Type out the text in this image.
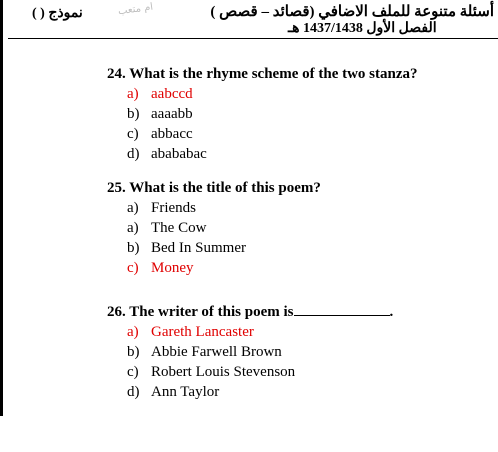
أسئلة متنوعة للملف الاضافي (قصائد – قصص )
الفصل الأول 1437/1438 هـ
نموذج ( )	ام متعب
24. What is the rhyme scheme of the two stanza?
a) aabccd
b) aaaabb
c) abbacc
d) abababac
25. What is the title of this poem?
a) Friends
a) The Cow
b) Bed In Summer
c) Money
26. The writer of this poem is	.
a) Gareth Lancaster
b) Abbie Farwell Brown
c) Robert Louis Stevenson
d) Ann Taylor
